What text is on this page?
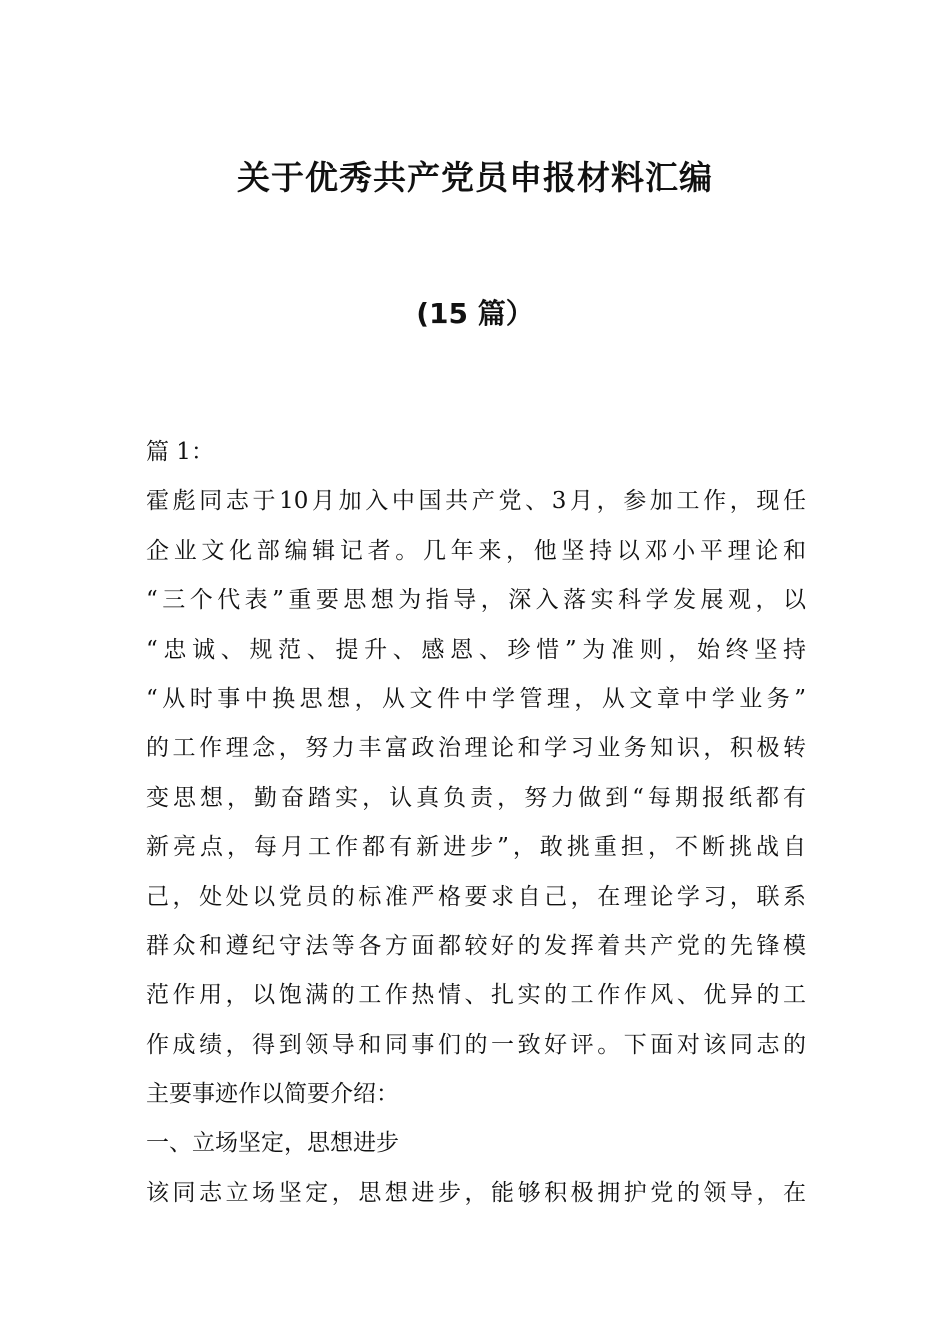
关于优秀共产党员申报材料汇编
(15 篇）
篇 1：
霍彪同志于10月加入中国共产党、3月，参加工作，现任
企业文化部编辑记者。几年来，他坚持以邓小平理论和
“三个代表”重要思想为指导，深入落实科学发展观，以
“忠诚、规范、提升、感恩、珍惜”为准则，始终坚持
“从时事中换思想，从文件中学管理，从文章中学业务”
的工作理念，努力丰富政治理论和学习业务知识，积极转
变思想，勤奋踏实，认真负责，努力做到“每期报纸都有
新亮点，每月工作都有新进步”，敢挑重担，不断挑战自
己，处处以党员的标准严格要求自己，在理论学习，联系
群众和遵纪守法等各方面都较好的发挥着共产党的先锋模
范作用，以饱满的工作热情、扎实的工作作风、优异的工
作成绩，得到领导和同事们的一致好评。下面对该同志的
主要事迹作以简要介绍：
一、立场坚定，思想进步
该同志立场坚定，思想进步，能够积极拥护党的领导，在
